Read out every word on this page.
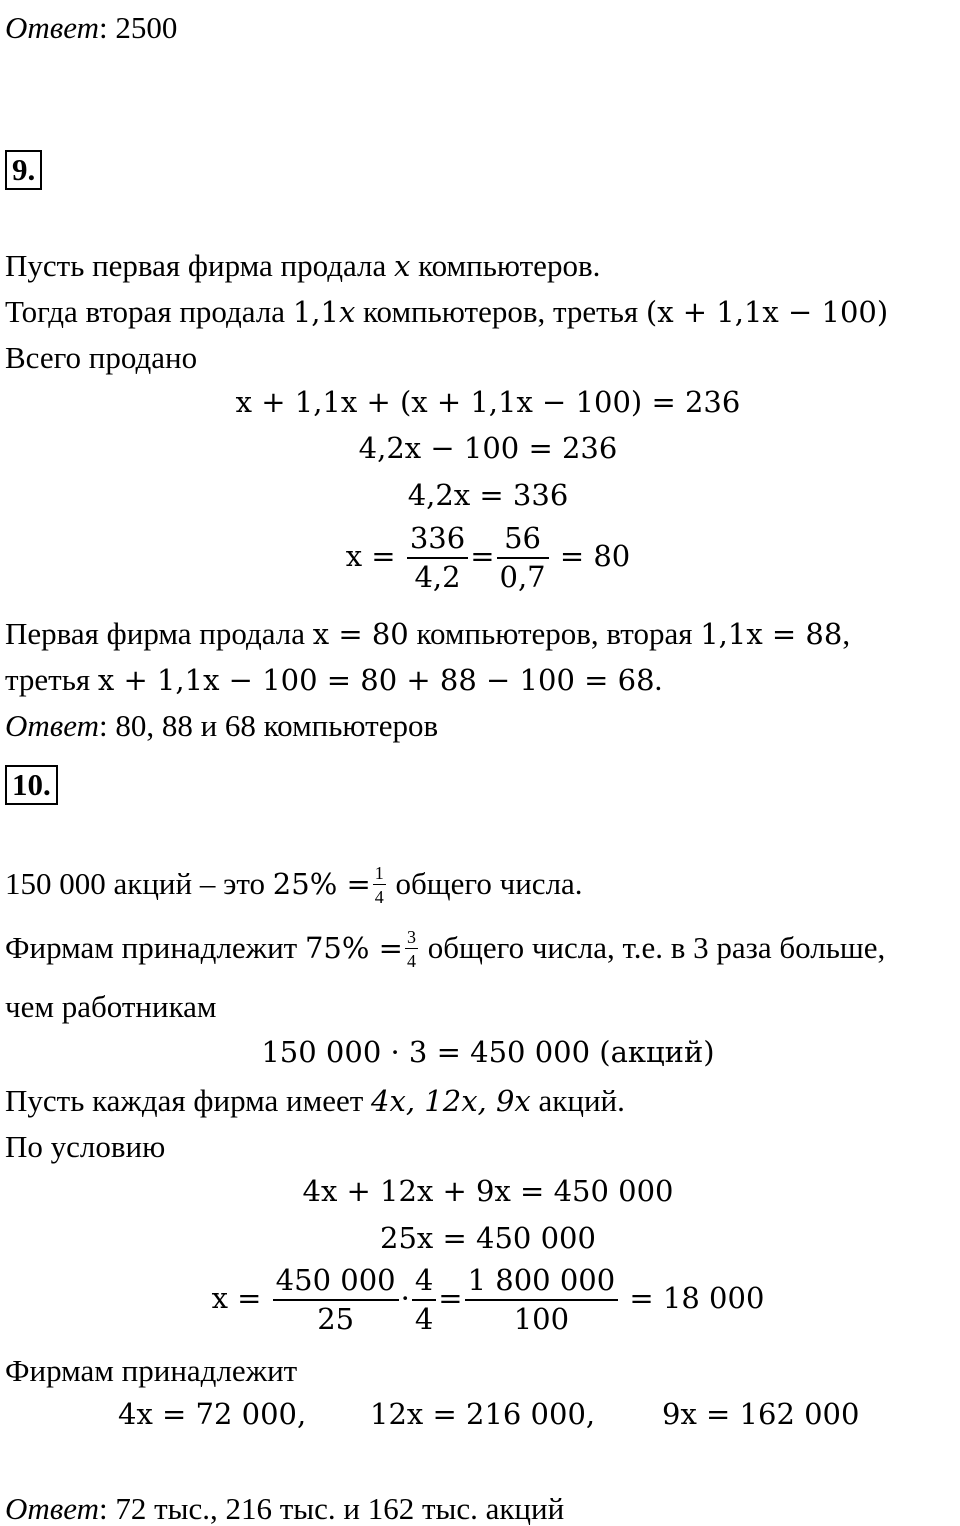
Ответ: 2500
9.
Пусть первая фирма продала x компьютеров.
Тогда вторая продала 1,1x компьютеров, третья (x + 1,1x − 100)
Всего продано
x + 1,1x + (x + 1,1x − 100) = 236
4,2x − 100 = 236
4,2x = 336
$x = \frac{336}{4,2} = \frac{56}{0,7} = 80$
Первая фирма продала x = 80 компьютеров, вторая 1,1x = 88,
третья x + 1,1x − 100 = 80 + 88 − 100 = 68.
Ответ: 80, 88 и 68 компьютеров
10.
150 000 акций – это $25\% = \frac{1}{4}$ общего числа.
Фирмам принадлежит $75\% = \frac{3}{4}$ общего числа, т.е. в 3 раза больше,
чем работникам
150 000 · 3 = 450 000 (акций)
Пусть каждая фирма имеет 4x, 12x, 9x акций.
По условию
4x + 12x + 9x = 450 000
25x = 450 000
$x = \frac{450 000}{25} \cdot \frac{4}{4} = \frac{1 800 000}{100} = 18$ 000
Фирмам принадлежит
4x = 72 000, 12x = 216 000, 9x = 162 000
Ответ: 72 тыс., 216 тыс. и 162 тыс. акций
